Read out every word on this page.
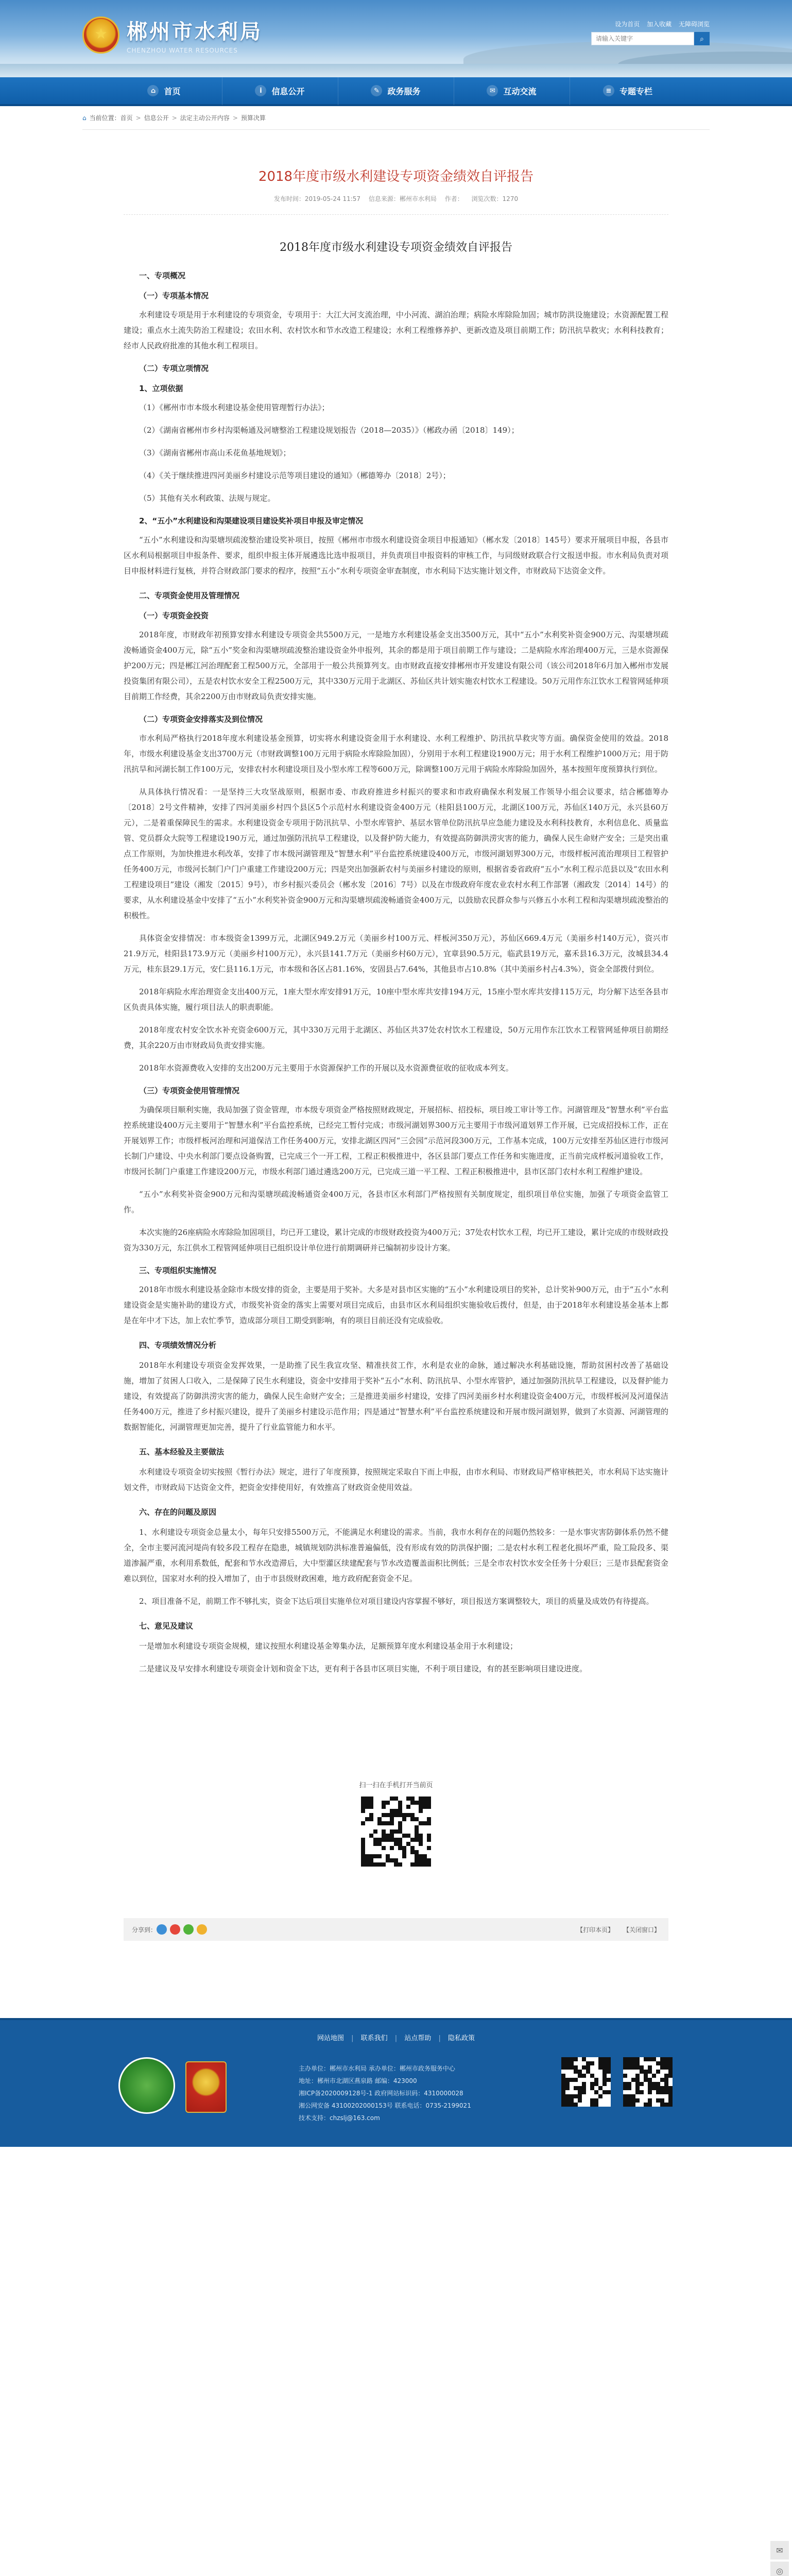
★
郴州市水利局
CHENZHOU WATER RESOURCES
设为首页 加入收藏 无障碍浏览
请输入关键字
⌕
⌂	首页	i	信息公开	✎ 政务服务	✉ 互动交流	≡ 专题专栏
⌂ 当前位置： 首页 > 信息公开 > 法定主动公开内容 > 预算决算
2018年度市级水利建设专项资金绩效自评报告
发布时间：2019-05-24 11:57 信息来源：郴州市水利局 作者： 浏览次数：1270
2018年度市级水利建设专项资金绩效自评报告
一、专项概况
（一）专项基本情况

水利建设专项是用于水利建设的专项资金，专项用于：大江大河支流治理，中小河流、湖泊治理；病险水库除险加固；城市防洪设施建设；水资源配置工程建设；重点水土流失防治工程建设；农田水利、农村饮水和节水改造工程建设；水利工程维修养护、更新改造及项目前期工作；防汛抗旱救灾；水利科技教育；经市人民政府批准的其他水利工程项目。

（二）专项立项情况
1、立项依据

（1）《郴州市市本级水利建设基金使用管理暂行办法》；

（2）《湖南省郴州市乡村沟渠畅通及河塘整治工程建设规划报告（2018—2035）》（郴政办函〔2018〕149）；

（3）《湖南省郴州市高山禾花鱼基地规划》；

（4）《关于继续推进四河美丽乡村建设示范等项目建设的通知》（郴德筹办〔2018〕2号）；

（5）其他有关水利政策、法规与规定。

2、“五小”水利建设和沟渠建设项目建设奖补项目申报及审定情况

“五小”水利建设和沟渠塘坝疏浚整治建设奖补项目，按照《郴州市市级水利建设资金项目申报通知》（郴水发〔2018〕145号）要求开展项目申报，各县市区水利局根据项目申报条件、要求，组织申报主体开展遴选比选申报项目，并负责项目申报资料的审核工作，与同级财政联合行文报送申报。市水利局负责对项目申报材料进行复核，并符合财政部门要求的程序，按照“五小”水利专项资金审查制度，市水利局下达实施计划文件，市财政局下达资金文件。

二、专项资金使用及管理情况
（一）专项资金投资

2018年度，市财政年初预算安排水利建设专项资金共5500万元，一是地方水利建设基金支出3500万元，其中“五小”水利奖补资金900万元、沟渠塘坝疏浚畅通资金400万元，除“五小”奖金和沟渠塘坝疏浚整治建设资金外申报列，其余的都是用于项目前期工作与建设；二是病险水库治理400万元，三是水资源保护200万元；四是郴江河治理配套工程500万元，全部用于一般公共预算列支。由市财政直接安排郴州市开发建设有限公司（该公司2018年6月加入郴州市发展投资集团有限公司），五是农村饮水安全工程2500万元，其中330万元用于北湖区、苏仙区共计划实施农村饮水工程建设。50万元用作东江饮水工程管网延伸项目前期工作经费，其余2200万由市财政局负责安排实施。

（二）专项资金安排落实及到位情况

市水利局严格执行2018年度水利建设基金预算，切实将水利建设资金用于水利建设、水利工程维护、防汛抗旱救灾等方面。确保资金使用的效益。2018年，市级水利建设基金支出3700万元（市财政调整100万元用于病险水库除险加固），分别用于水利工程建设1900万元；用于水利工程维护1000万元；用于防汛抗旱和河湖长制工作100万元，安排农村水利建设项目及小型水库工程等600万元，除调整100万元用于病险水库除险加固外，基本按照年度预算执行到位。

从具体执行情况看：一是坚持三大攻坚战原则，根据市委、市政府推进乡村振兴的要求和市政府确保水利发展工作领导小组会议要求，结合郴德筹办〔2018〕2号文件精神，安排了四河美丽乡村四个县区5个示范村水利建设资金400万元（桂阳县100万元，北湖区100万元，苏仙区140万元，永兴县60万元），二是着重保障民生的需求。水利建设资金专项用于防汛抗旱、小型水库管护、基层水管单位防汛抗旱应急能力建设及水利科技教育，水利信息化、质量监管、党员群众大院等工程建设190万元，通过加强防汛抗旱工程建设，以及督护防大能力，有效提高防御洪涝灾害的能力，确保人民生命财产安全；三是突出重点工作原则，为加快推进水利改革，安排了市本级河湖管理及“智慧水利”平台监控系统建设400万元，市级河湖划界300万元，市级样板河流治理项目工程管护任务400万元，市级河长制门户门户重建工作建设200万元；四是突出加强新农村与美丽乡村建设的原则，根据省委省政府“五小”水利工程示范县以及“农田水利工程建设项目”建设（湘发〔2015〕9号），市乡村振兴委员会（郴水发〔2016〕7号）以及在市级政府年度农业农村水利工作部署（湘政发〔2014〕14号）的要求，从水利建设基金中安排了“五小”水利奖补资金900万元和沟渠塘坝疏浚畅通资金400万元，以鼓励农民群众参与兴修五小水利工程和沟渠塘坝疏浚整治的积极性。

具体资金安排情况：市本级资金1399万元，北湖区949.2万元（美丽乡村100万元、样板河350万元），苏仙区669.4万元（美丽乡村140万元），资兴市21.9万元，桂阳县173.9万元（美丽乡村100万元），永兴县141.7万元（美丽乡村60万元），宜章县90.5万元，临武县19万元，嘉禾县16.3万元，汝城县34.4万元，桂东县29.1万元，安仁县116.1万元，市本级和各区占81.16%，安固县占7.64%，其他县市占10.8%（其中美丽乡村占4.3%），资金全部拨付到位。

2018年病险水库治理资金支出400万元，1座大型水库安排91万元，10座中型水库共安排194万元，15座小型水库共安排115万元，均分解下达至各县市区负责具体实施，履行项目法人的职责职能。

2018年度农村安全饮水补充资金600万元，其中330万元用于北湖区、苏仙区共37处农村饮水工程建设，50万元用作东江饮水工程管网延伸项目前期经费，其余220万由市财政局负责安排实施。

2018年水资源费收入安排的支出200万元主要用于水资源保护工作的开展以及水资源费征收的征收成本列支。

（三）专项资金使用管理情况

为确保项目顺利实施，我局加强了资金管理，市本级专项资金严格按照财政规定，开展招标、招投标，项目竣工审计等工作。河湖管理及“智慧水利”平台监控系统建设400万元主要用于“智慧水利”平台监控系统，已经完工暂付完成；市级河湖划界300万元主要用于市级河道划界工作开展，已完成招投标工作，正在开展划界工作；市级样板河治理和河道保洁工作任务400万元，安排北湖区四河“三会园”示范河段300万元，工作基本完成，100万元安排至苏仙区进行市级河长制门户建设、中央水利部门要点设备购置，已完成三个一开工程，工程正积极推进中，各区县部门要点工作任务和实施进度，正当前完成样板河道验收工作，市级河长制门户重建工作建设200万元，市级水利部门通过遴选200万元，已完成三道一平工程、工程正积极推进中，县市区部门农村水利工程维护建设。

“五小”水利奖补资金900万元和沟渠塘坝疏浚畅通资金400万元，各县市区水利部门严格按照有关制度规定，组织项目单位实施，加强了专项资金监管工作。

本次实施的26座病险水库除险加固项目，均已开工建设，累计完成的市级财政投资为400万元；37处农村饮水工程，均已开工建设，累计完成的市级财政投资为330万元，东江供水工程管网延伸项目已组织设计单位进行前期调研并已编制初步设计方案。

三、专项组织实施情况

2018年市级水利建设基金除市本级安排的资金，主要是用于奖补。大多是对县市区实施的“五小”水利建设项目的奖补，总计奖补900万元，由于“五小”水利建设资金是实施补助的建设方式，市级奖补资金的落实上需要对项目完成后，由县市区水利局组织实施验收后拨付，但是，由于2018年水利建设基金基本上都是在年中才下达，加上农忙季节，造成部分项目工期受到影响，有的项目目前还没有完成验收。

四、专项绩效情况分析

2018年水利建设专项资金发挥效果，一是助推了民生我宣攻坚、精准扶贫工作，水利是农业的命脉，通过解决水利基础设施，帮助贫困村改善了基础设施，增加了贫困人口收入，二是保障了民生水利建设，资金中安排用于奖补“五小”水利、防汛抗旱、小型水库管护，通过加强防汛抗旱工程建设，以及督护能力建设，有效提高了防御洪涝灾害的能力，确保人民生命财产安全；三是推进美丽乡村建设，安排了四河美丽乡村水利建设资金400万元，市级样板河及河道保洁任务400万元，推进了乡村振兴建设，提升了美丽乡村建设示范作用；四是通过“智慧水利”平台监控系统建设和开展市级河湖划界，做到了水资源、河湖管理的数据智能化，河湖管理更加完善，提升了行业监管能力和水平。

五、基本经验及主要做法

水利建设专项资金切实按照《暂行办法》规定，进行了年度预算，按照规定采取自下而上申报，由市水利局、市财政局严格审核把关，市水利局下达实施计划文件，市财政局下达资金文件，把资金安排使用好，有效推高了财政资金使用效益。

六、存在的问题及原因

1、水利建设专项资金总量太小，每年只安排5500万元，不能满足水利建设的需求。当前，我市水利存在的问题仍然较多：一是水事灾害防御体系仍然不健全，全市主要河流河堤尚有较多段工程存在隐患，城镇规划防洪标准普遍偏低，没有形成有效的防洪保护圈；二是农村水利工程老化损坏严重，险工险段多、渠道渗漏严重，水利用系数低，配套和节水改造滞后，大中型灌区续建配套与节水改造覆盖面积比例低；三是全市农村饮水安全任务十分艰巨；三是市县配套资金难以到位，国家对水利的投入增加了，由于市县级财政困难，地方政府配套资金不足。

2、项目准备不足，前期工作不够扎实，资金下达后项目实施单位对项目建设内容掌握不够好，项目报送方案调整较大，项目的质量及成效仍有待提高。

七、意见及建议

一是增加水利建设专项资金规模，建议按照水利建设基金筹集办法，足额预算年度水利建设基金用于水利建设；

二是建议及早安排水利建设专项资金计划和资金下达，更有利于各县市区项目实施，不利于项目建设，有的甚至影响项目建设进度。

扫一扫在手机打开当前页
分享到：	【打印本页】 【关闭窗口】
✉
◎
网站地图 | 联系我们 | 站点帮助 | 隐私政策
主办单位：郴州市水利局 承办单位：郴州市政务服务中心
地址：郴州市北湖区燕泉路 邮编：423000
湘ICP备2020009128号-1 政府网站标识码：4310000028
湘公网安备 43100202000153号 联系电话：0735-2199021
技术支持：chzslj@163.com
